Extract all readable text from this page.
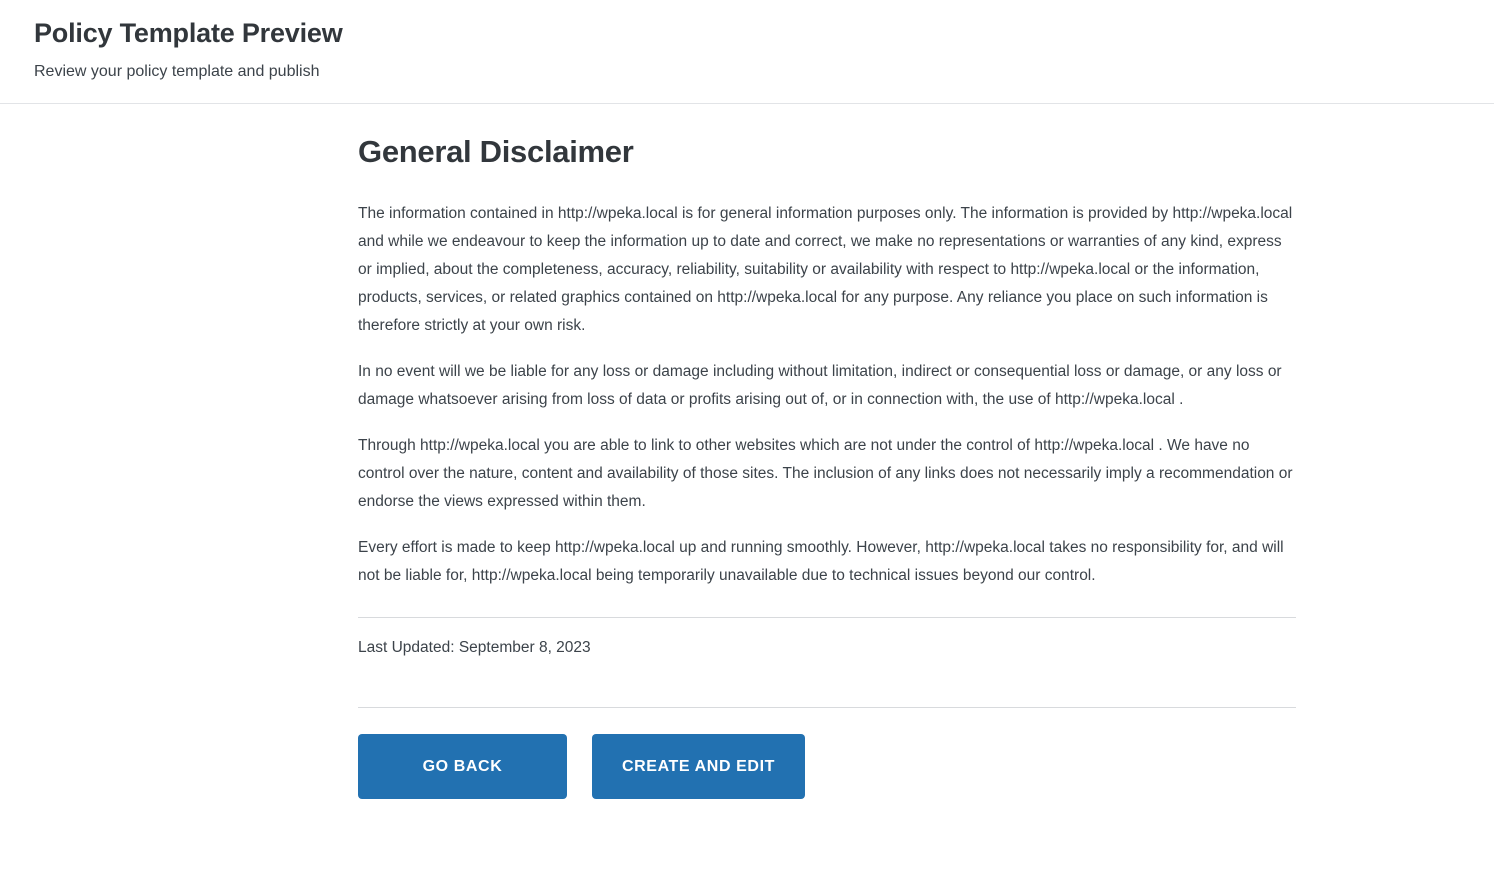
Policy Template Preview

Review your policy template and publish

General Disclaimer

The information contained in http://wpeka.local is for general information purposes only. The information is provided by http://wpeka.local and while we endeavour to keep the information up to date and correct, we make no representations or warranties of any kind, express or implied, about the completeness, accuracy, reliability, suitability or availability with respect to http://wpeka.local or the information, products, services, or related graphics contained on http://wpeka.local for any purpose. Any reliance you place on such information is therefore strictly at your own risk.

In no event will we be liable for any loss or damage including without limitation, indirect or consequential loss or damage, or any loss or damage whatsoever arising from loss of data or profits arising out of, or in connection with, the use of http://wpeka.local .

Through http://wpeka.local you are able to link to other websites which are not under the control of http://wpeka.local . We have no control over the nature, content and availability of those sites. The inclusion of any links does not necessarily imply a recommendation or endorse the views expressed within them.

Every effort is made to keep http://wpeka.local up and running smoothly. However, http://wpeka.local takes no responsibility for, and will not be liable for, http://wpeka.local being temporarily unavailable due to technical issues beyond our control.

Last Updated: September 8, 2023

GO BACK	CREATE AND EDIT
